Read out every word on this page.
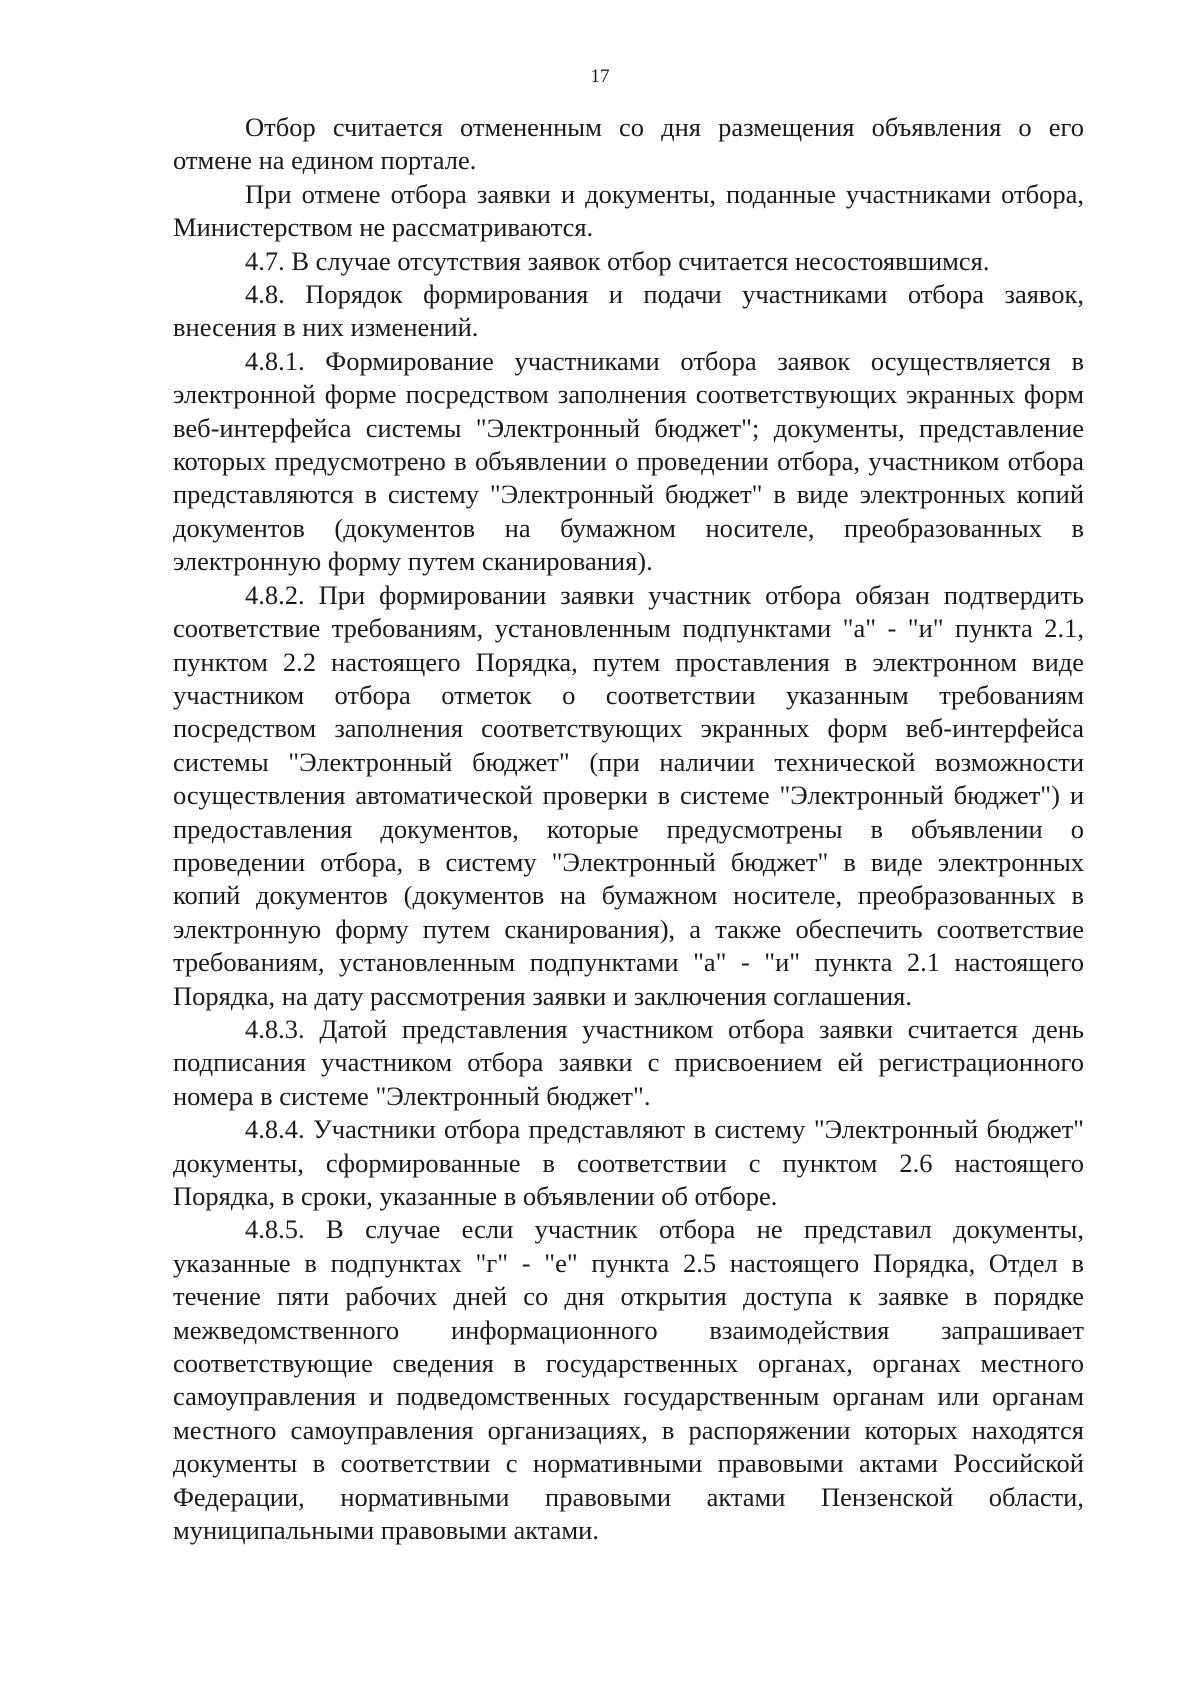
17

Отбор считается отмененным со дня размещения объявления о его отмене на едином портале.

При отмене отбора заявки и документы, поданные участниками отбора, Министерством не рассматриваются.

4.7. В случае отсутствия заявок отбор считается несостоявшимся.

4.8. Порядок формирования и подачи участниками отбора заявок, внесения в них изменений.

4.8.1. Формирование участниками отбора заявок осуществляется в электронной форме посредством заполнения соответствующих экранных форм веб-интерфейса системы "Электронный бюджет"; документы, представление которых предусмотрено в объявлении о проведении отбора, участником отбора представляются в систему "Электронный бюджет" в виде электронных копий документов (документов на бумажном носителе, преобразованных в электронную форму путем сканирования).

4.8.2. При формировании заявки участник отбора обязан подтвердить соответствие требованиям, установленным подпунктами "а" - "и" пункта 2.1, пунктом 2.2 настоящего Порядка, путем проставления в электронном виде участником отбора отметок о соответствии указанным требованиям посредством заполнения соответствующих экранных форм веб-интерфейса системы "Электронный бюджет" (при наличии технической возможности осуществления автоматической проверки в системе "Электронный бюджет") и предоставления документов, которые предусмотрены в объявлении о проведении отбора, в систему "Электронный бюджет" в виде электронных копий документов (документов на бумажном носителе, преобразованных в электронную форму путем сканирования), а также обеспечить соответствие требованиям, установленным подпунктами "а" - "и" пункта 2.1 настоящего Порядка, на дату рассмотрения заявки и заключения соглашения.

4.8.3. Датой представления участником отбора заявки считается день подписания участником отбора заявки с присвоением ей регистрационного номера в системе "Электронный бюджет".

4.8.4. Участники отбора представляют в систему "Электронный бюджет" документы, сформированные в соответствии с пунктом 2.6 настоящего Порядка, в сроки, указанные в объявлении об отборе.

4.8.5. В случае если участник отбора не представил документы, указанные в подпунктах "г" - "е" пункта 2.5 настоящего Порядка, Отдел в течение пяти рабочих дней со дня открытия доступа к заявке в порядке межведомственного информационного взаимодействия запрашивает соответствующие сведения в государственных органах, органах местного самоуправления и подведомственных государственным органам или органам местного самоуправления организациях, в распоряжении которых находятся документы в соответствии с нормативными правовыми актами Российской Федерации, нормативными правовыми актами Пензенской области, муниципальными правовыми актами.
